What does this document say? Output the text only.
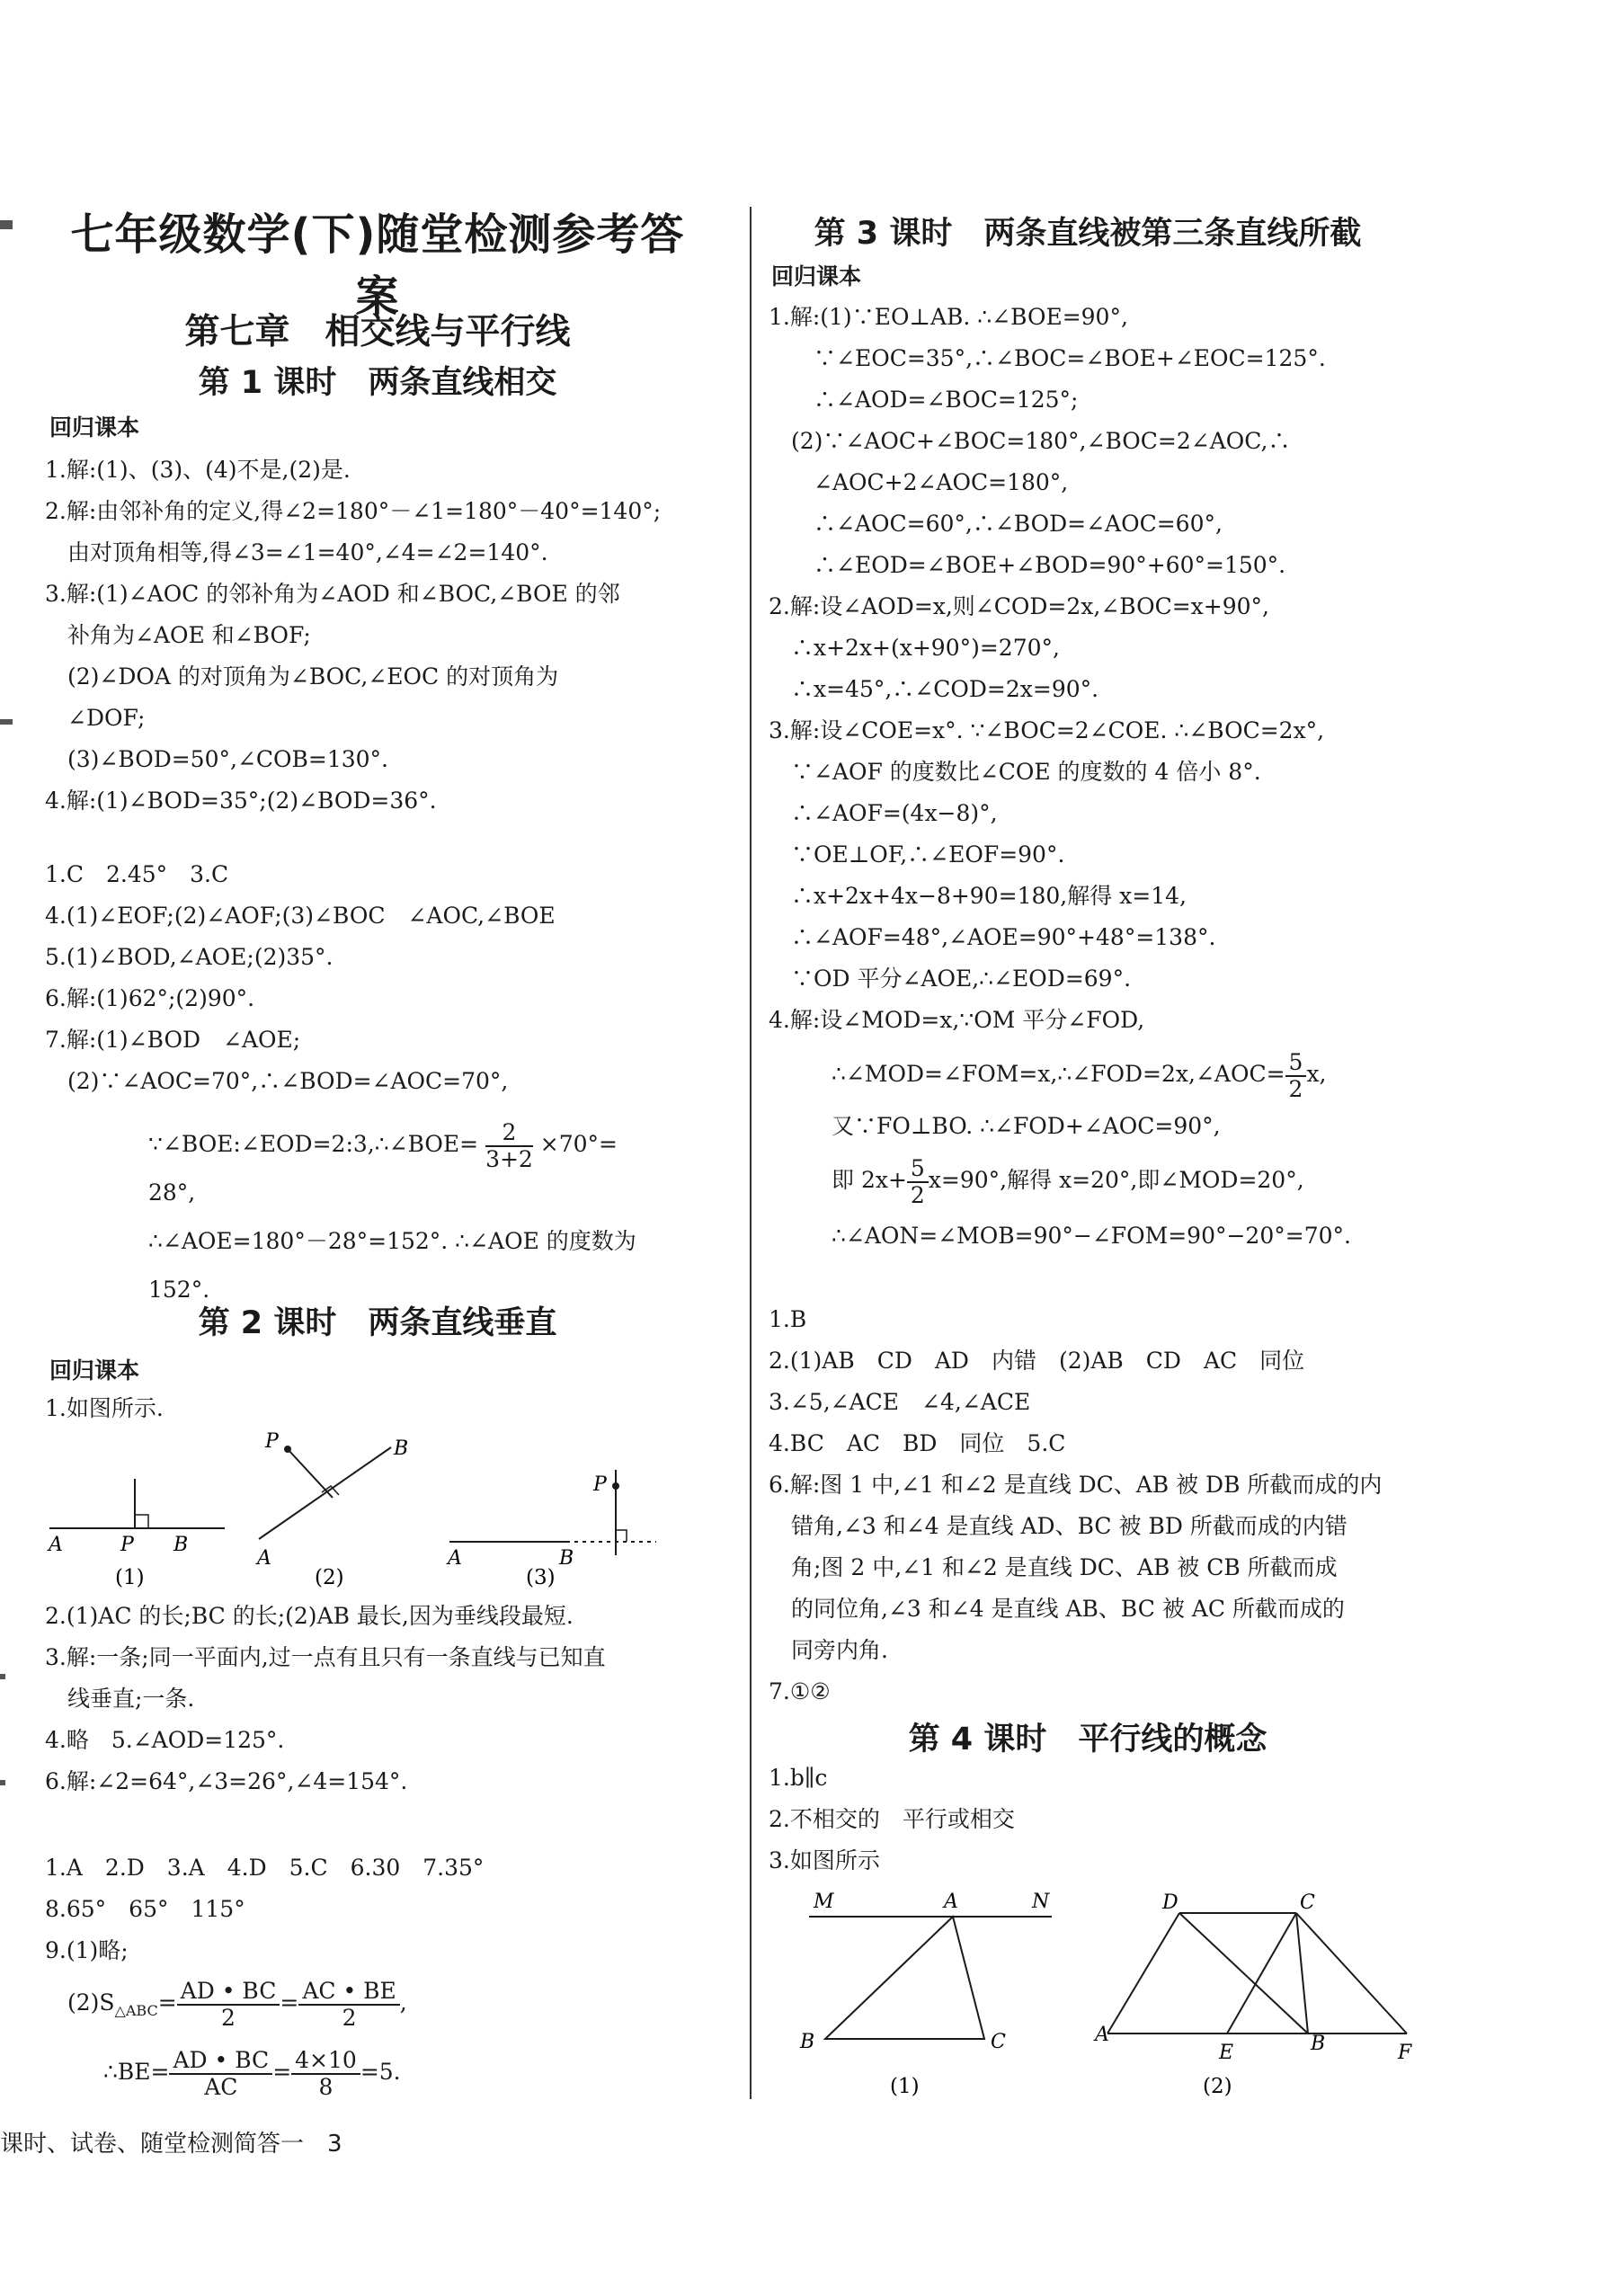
七年级数学(下)随堂检测参考答案
第七章　相交线与平行线
第 1 课时　两条直线相交
回归课本
1.解:(1)、(3)、(4)不是,(2)是.
2.解:由邻补角的定义,得∠2=180°－∠1=180°－40°=140°;
　由对顶角相等,得∠3=∠1=40°,∠4=∠2=140°.
3.解:(1)∠AOC 的邻补角为∠AOD 和∠BOC,∠BOE 的邻
　补角为∠AOE 和∠BOF;
　(2)∠DOA 的对顶角为∠BOC,∠EOC 的对顶角为
　∠DOF;
　(3)∠BOD=50°,∠COB=130°.
4.解:(1)∠BOD=35°;(2)∠BOD=36°.
1.C　2.45°　3.C
4.(1)∠EOF;(2)∠AOF;(3)∠BOC　∠AOC,∠BOE
5.(1)∠BOD,∠AOE;(2)35°.
6.解:(1)62°;(2)90°.
7.解:(1)∠BOD　∠AOE;
　(2)∵∠AOC=70°,∴∠BOD=∠AOC=70°,
∵∠BOE:∠EOD=2:3,∴∠BOE= $\frac{2}{3+2} \times 70^\circ=$
28°,
∴∠AOE=180°－28°=152°. ∴∠AOE 的度数为
152°.
第 2 课时　两条直线垂直
回归课本
1.如图所示.
A	P B
P	B
A
P
A	B
(1)	(2)	(3)
2.(1)AC 的长;BC 的长;(2)AB 最长,因为垂线段最短.
3.解:一条;同一平面内,过一点有且只有一条直线与已知直
　线垂直;一条.
4.略　5.∠AOD=125°.
6.解:∠2=64°,∠3=26°,∠4=154°.
1.A　2.D　3.A　4.D　5.C　6.30　7.35°
8.65°　65°　115°
9.(1)略;
$(2)S_{\triangle ABC}= \frac{AD • BC}{2} = \frac{AC • BE}{2}$ ,
∴BE= $\frac{AD • BC}{AC} = \frac{4\times 10}{8} =5$.
第 3 课时　两条直线被第三条直线所截
回归课本
1.解:(1)∵EO⊥AB. ∴∠BOE=90°,
　　∵∠EOC=35°,∴∠BOC=∠BOE+∠EOC=125°.
　　∴∠AOD=∠BOC=125°;
　(2)∵∠AOC+∠BOC=180°,∠BOC=2∠AOC,∴
　　∠AOC+2∠AOC=180°,
　　∴∠AOC=60°,∴∠BOD=∠AOC=60°,
　　∴∠EOD=∠BOE+∠BOD=90°+60°=150°.
2.解:设∠AOD=x,则∠COD=2x,∠BOC=x+90°,
　∴x+2x+(x+90°)=270°,
　∴x=45°,∴∠COD=2x=90°.
3.解:设∠COE=x°. ∵∠BOC=2∠COE. ∴∠BOC=2x°,
　∵∠AOF 的度数比∠COE 的度数的 4 倍小 8°.
　∴∠AOF=(4x−8)°,
　∵OE⊥OF,∴∠EOF=90°.
　∴x+2x+4x−8+90=180,解得 x=14,
　∴∠AOF=48°,∠AOE=90°+48°=138°.
　∵OD 平分∠AOE,∴∠EOD=69°.
4.解:设∠MOD=x,∵OM 平分∠FOD,
∴∠MOD=∠FOM=x,∴∠FOD=2x,∠AOC= $\frac{5}{2} x$,
又∵FO⊥BO. ∴∠FOD+∠AOC=90°,
即 $2x+ \frac{5}{2} x=90^\circ$,解得 x=20°,即∠MOD=20°,
∴∠AON=∠MOB=90°−∠FOM=90°−20°=70°.
1.B
2.(1)AB　CD　AD　内错　(2)AB　CD　AC　同位
3.∠5,∠ACE　∠4,∠ACE
4.BC　AC　BD　同位　5.C
6.解:图 1 中,∠1 和∠2 是直线 DC、AB 被 DB 所截而成的内
　错角,∠3 和∠4 是直线 AD、BC 被 BD 所截而成的内错
　角;图 2 中,∠1 和∠2 是直线 DC、AB 被 CB 所截而成
　的同位角,∠3 和∠4 是直线 AB、BC 被 AC 所截而成的
　同旁内角.
7.①②
第 4 课时　平行线的概念
1.b∥c
2.不相交的　平行或相交
3.如图所示
M	A	N
B	C
(1)
A
D	C
E	B	F
(2)
课时、试卷、随堂检测简答一　3
